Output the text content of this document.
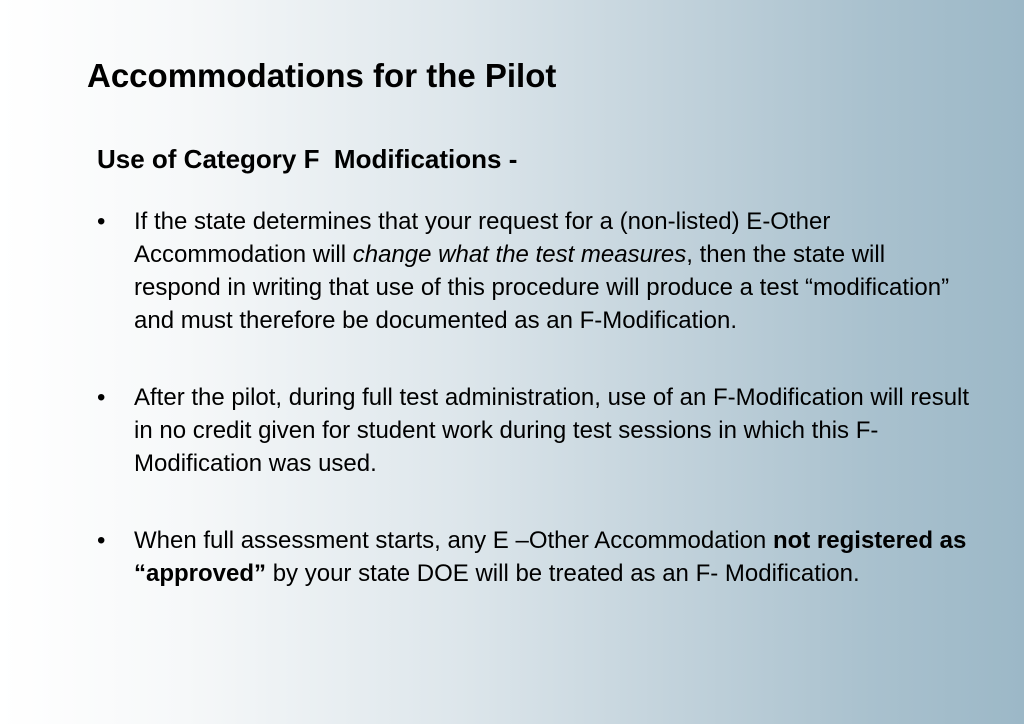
Accommodations for the Pilot
Use of Category F  Modifications -
• If the state determines that your request for a (non-listed) E-Other Accommodation will change what the test measures, then the state will respond in writing that use of this procedure will produce a test “modification” and must therefore be documented as an F-Modification.
• After the pilot, during full test administration, use of an F-Modification will result in no credit given for student work during test sessions in which this F-Modification was used.
• When full assessment starts, any E –Other Accommodation not registered as “approved” by your state DOE will be treated as an F- Modification.
